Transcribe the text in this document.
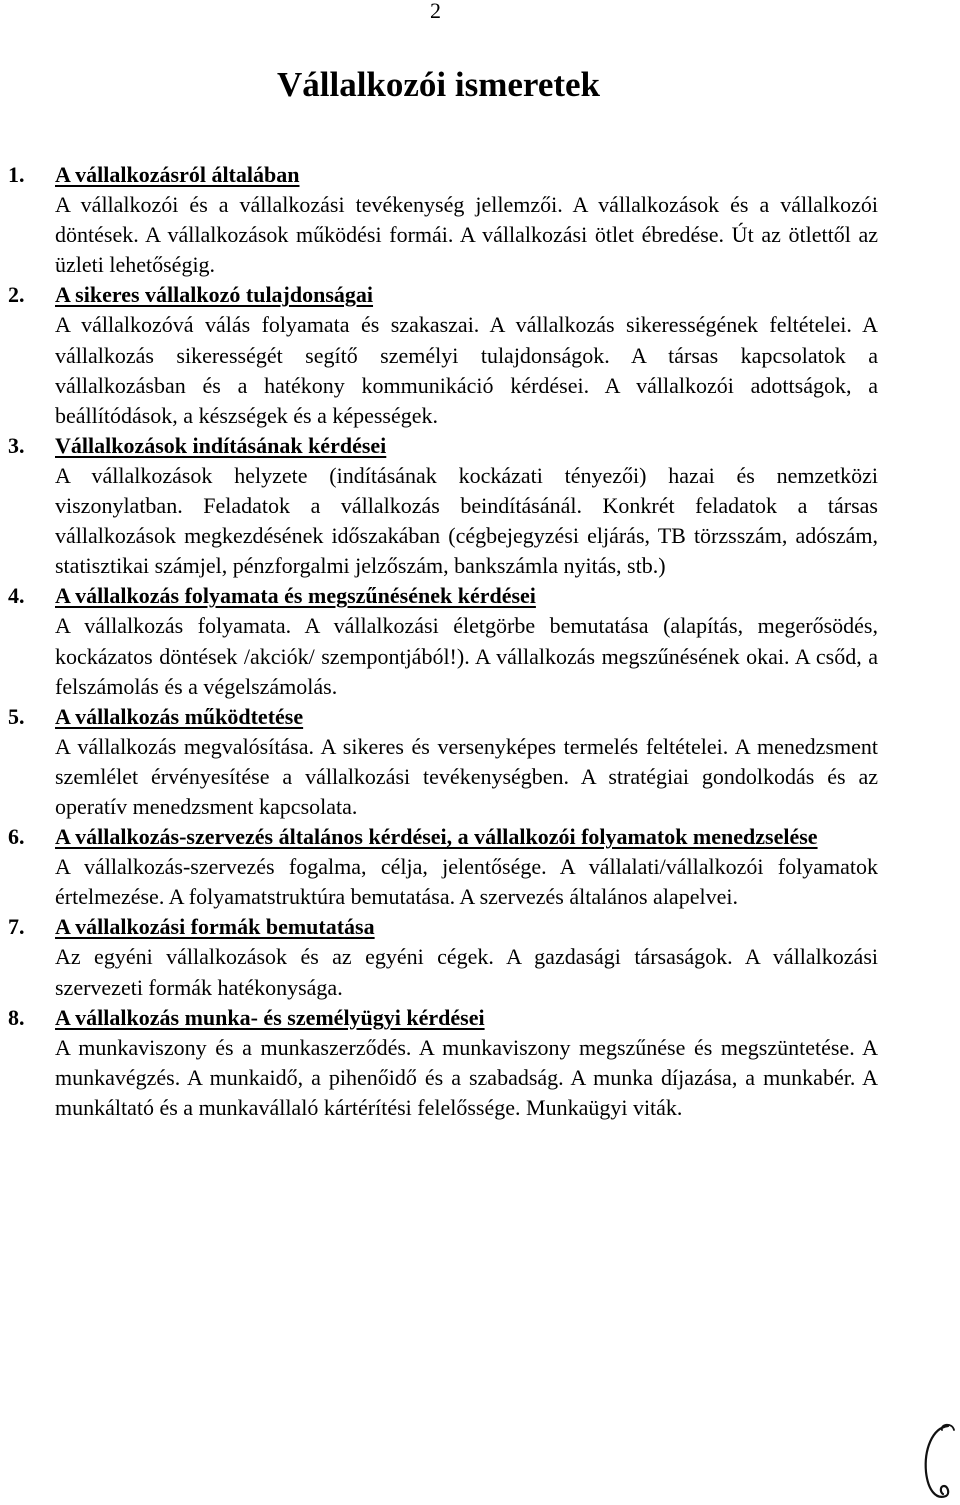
2
Vállalkozói ismeretek
1.	A vállalkozásról általában
A vállalkozói és a vállalkozási tevékenység jellemzői. A vállalkozások és a vállalkozói döntések. A vállalkozások működési formái. A vállalkozási ötlet ébredése. Út az ötlettől az üzleti lehetőségig.
2.	A sikeres vállalkozó tulajdonságai
A vállalkozóvá válás folyamata és szakaszai. A vállalkozás sikerességének feltételei. A vállalkozás sikerességét segítő személyi tulajdonságok. A társas kapcsolatok a vállalkozásban és a hatékony kommunikáció kérdései. A vállalkozói adottságok, a beállítódások, a készségek és a képességek.
3.	Vállalkozások indításának kérdései
A vállalkozások helyzete (indításának kockázati tényezői) hazai és nemzetközi viszonylatban. Feladatok a vállalkozás beindításánál. Konkrét feladatok a társas vállalkozások megkezdésének időszakában (cégbejegyzési eljárás, TB törzsszám, adószám, statisztikai számjel, pénzforgalmi jelzőszám, bankszámla nyitás, stb.)
4.	A vállalkozás folyamata és megszűnésének kérdései
A vállalkozás folyamata. A vállalkozási életgörbe bemutatása (alapítás, megerősödés, kockázatos döntések /akciók/ szempontjából!). A vállalkozás megszűnésének okai. A csőd, a felszámolás és a végelszámolás.
5.	A vállalkozás működtetése
A vállalkozás megvalósítása. A sikeres és versenyképes termelés feltételei. A menedzsment szemlélet érvényesítése a vállalkozási tevékenységben. A stratégiai gondolkodás és az operatív menedzsment kapcsolata.
6.	A vállalkozás-szervezés általános kérdései, a vállalkozói folyamatok menedzselése
A vállalkozás-szervezés fogalma, célja, jelentősége. A vállalati/vállalkozói folyamatok értelmezése. A folyamatstruktúra bemutatása. A szervezés általános alapelvei.
7.	A vállalkozási formák bemutatása
Az egyéni vállalkozások és az egyéni cégek. A gazdasági társaságok. A vállalkozási szervezeti formák hatékonysága.
8.	A vállalkozás munka- és személyügyi kérdései
A munkaviszony és a munkaszerződés. A munkaviszony megszűnése és megszüntetése. A munkavégzés. A munkaidő, a pihenőidő és a szabadság. A munka díjazása, a munkabér. A munkáltató és a munkavállaló kártérítési felelőssége. Munkaügyi viták.
